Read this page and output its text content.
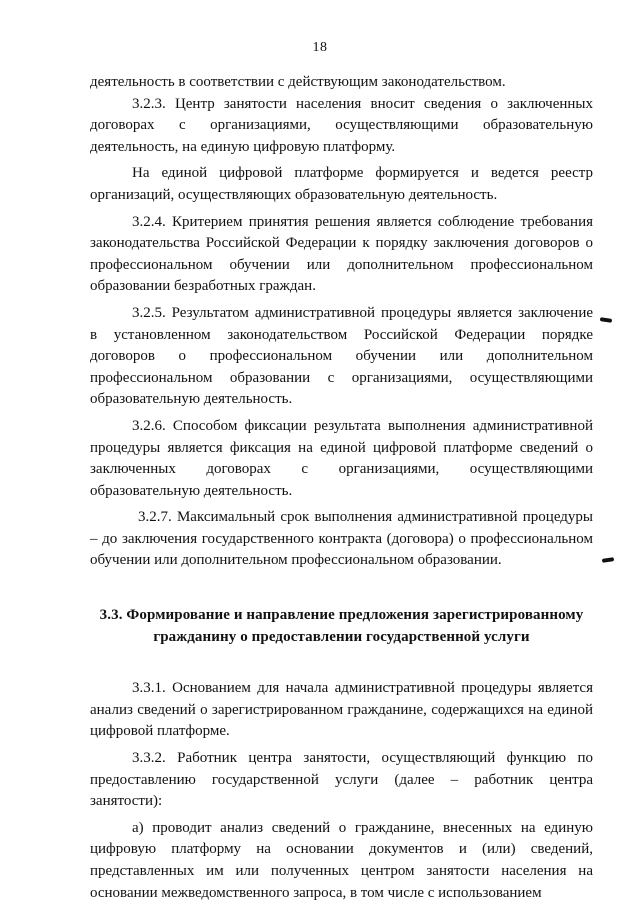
18

деятельность в соответствии с действующим законодательством.

3.2.3. Центр занятости населения вносит сведения о заключенных договорах с организациями, осуществляющими образовательную деятельность, на единую цифровую платформу.

На единой цифровой платформе формируется и ведется реестр организаций, осуществляющих образовательную деятельность.

3.2.4. Критерием принятия решения является соблюдение требования законодательства Российской Федерации к порядку заключения договоров о профессиональном обучении или дополнительном профессиональном образовании безработных граждан.

3.2.5. Результатом административной процедуры является заключение в установленном законодательством Российской Федерации порядке договоров о профессиональном обучении или дополнительном профессиональном образовании с организациями, осуществляющими образовательную деятельность.

3.2.6. Способом фиксации результата выполнения административной процедуры является фиксация на единой цифровой платформе сведений о заключенных договорах с организациями, осуществляющими образовательную деятельность.

3.2.7. Максимальный срок выполнения административной процедуры – до заключения государственного контракта (договора) о профессиональном обучении или дополнительном профессиональном образовании.

3.3. Формирование и направление предложения зарегистрированному гражданину о предоставлении государственной услуги

3.3.1. Основанием для начала административной процедуры является анализ сведений о зарегистрированном гражданине, содержащихся на единой цифровой платформе.

3.3.2. Работник центра занятости, осуществляющий функцию по предоставлению государственной услуги (далее – работник центра занятости):

а) проводит анализ сведений о гражданине, внесенных на единую цифровую платформу на основании документов и (или) сведений, представленных им или полученных центром занятости населения на основании межведомственного запроса, в том числе с использованием
